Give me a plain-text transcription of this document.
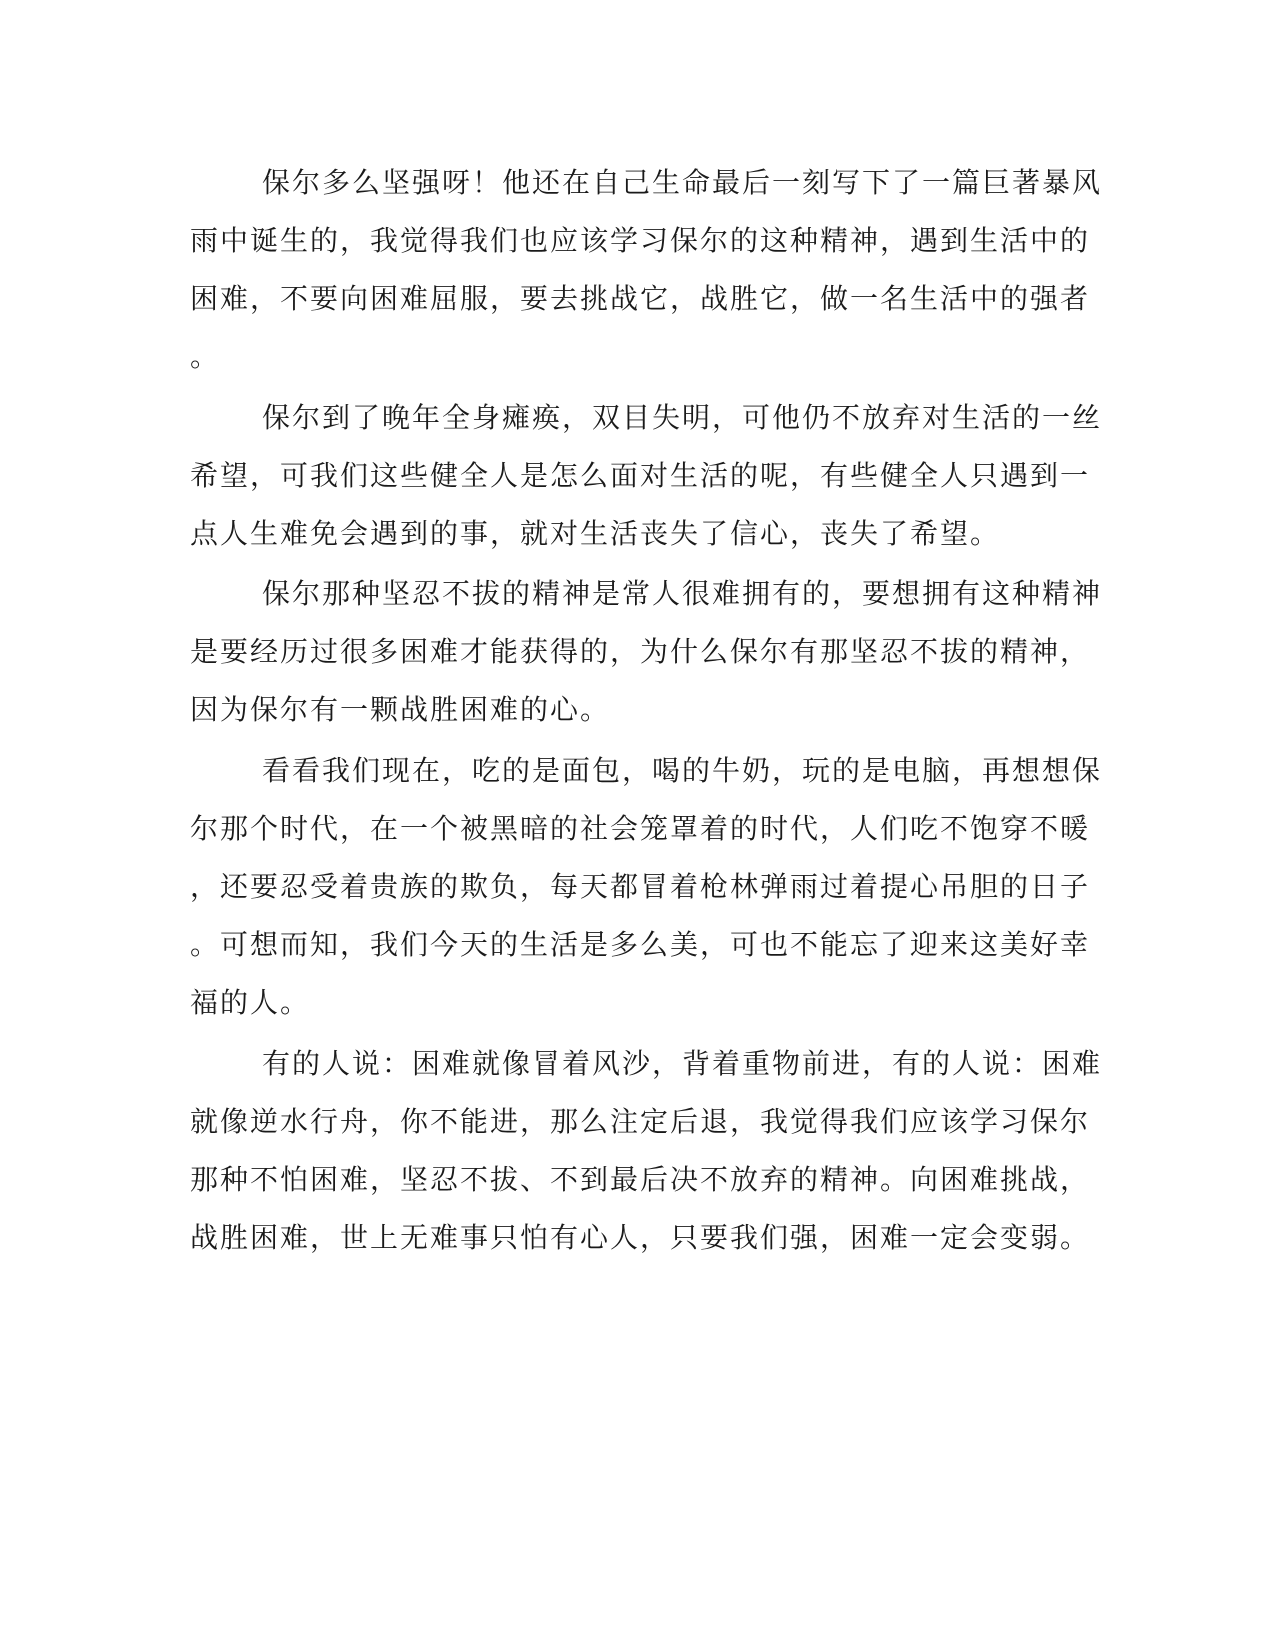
保尔多么坚强呀！他还在自己生命最后一刻写下了一篇巨著暴风

雨中诞生的，我觉得我们也应该学习保尔的这种精神，遇到生活中的

困难，不要向困难屈服，要去挑战它，战胜它，做一名生活中的强者

。

保尔到了晚年全身瘫痪，双目失明，可他仍不放弃对生活的一丝

希望，可我们这些健全人是怎么面对生活的呢，有些健全人只遇到一

点人生难免会遇到的事，就对生活丧失了信心，丧失了希望。

保尔那种坚忍不拔的精神是常人很难拥有的，要想拥有这种精神

是要经历过很多困难才能获得的，为什么保尔有那坚忍不拔的精神，

因为保尔有一颗战胜困难的心。

看看我们现在，吃的是面包，喝的牛奶，玩的是电脑，再想想保

尔那个时代，在一个被黑暗的社会笼罩着的时代，人们吃不饱穿不暖

，还要忍受着贵族的欺负，每天都冒着枪林弹雨过着提心吊胆的日子

。可想而知，我们今天的生活是多么美，可也不能忘了迎来这美好幸

福的人。

有的人说：困难就像冒着风沙，背着重物前进，有的人说：困难

就像逆水行舟，你不能进，那么注定后退，我觉得我们应该学习保尔

那种不怕困难，坚忍不拔、不到最后决不放弃的精神。向困难挑战，

战胜困难，世上无难事只怕有心人，只要我们强，困难一定会变弱。
